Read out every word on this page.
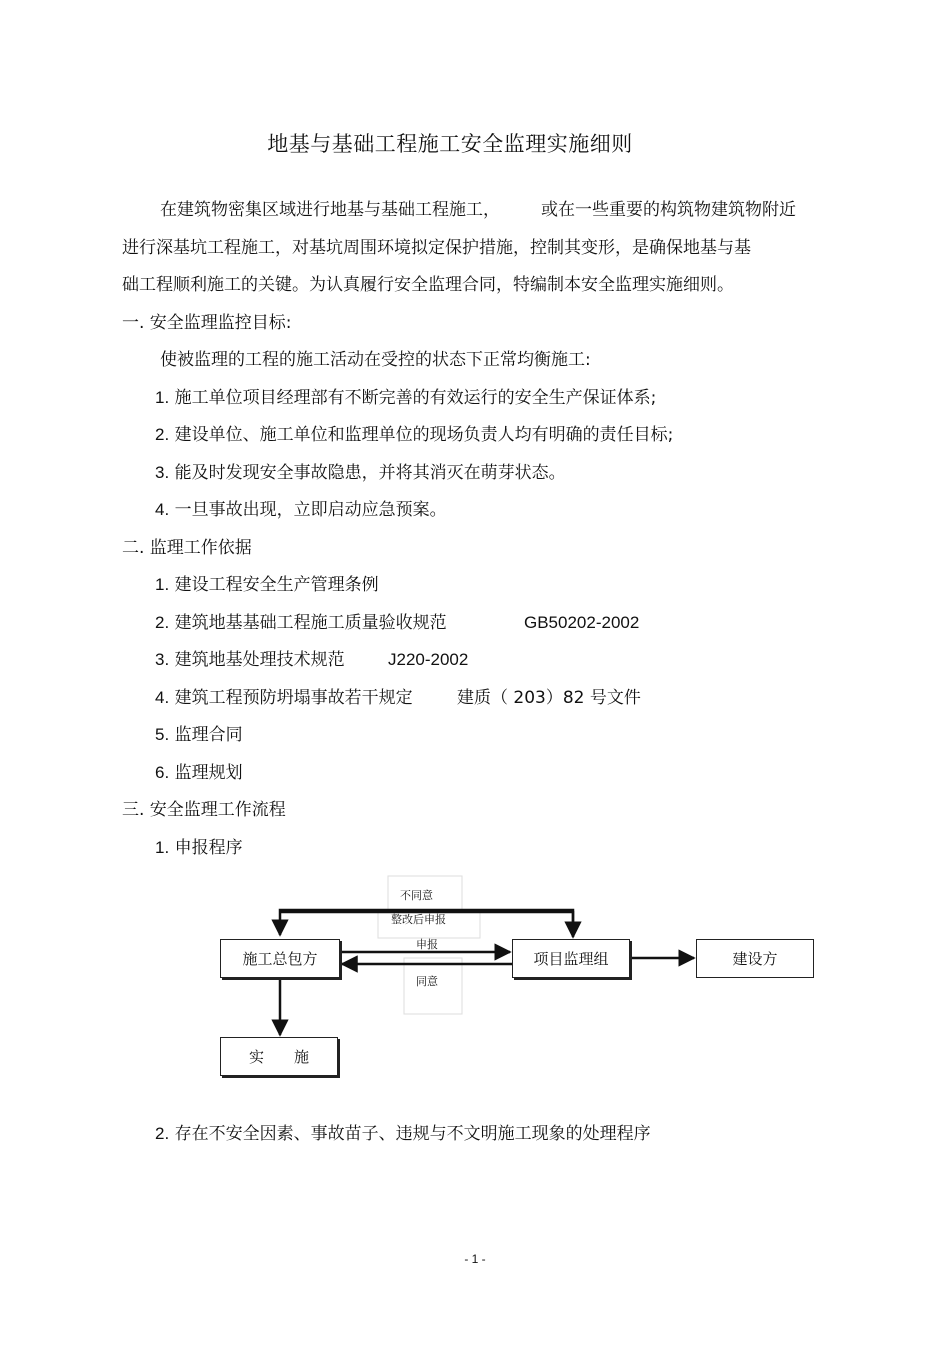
地基与基础工程施工安全监理实施细则
在建筑物密集区域进行地基与基础工程施工， 或在一些重要的构筑物建筑物附近
进行深基坑工程施工，对基坑周围环境拟定保护措施，控制其变形，是确保地基与基
础工程顺利施工的关键。为认真履行安全监理合同，特编制本安全监理实施细则。
一. 安全监理监控目标:
使被监理的工程的施工活动在受控的状态下正常均衡施工:
1. 施工单位项目经理部有不断完善的有效运行的安全生产保证体系;
2. 建设单位、施工单位和监理单位的现场负责人均有明确的责任目标;
3. 能及时发现安全事故隐患，并将其消灭在萌芽状态。
4. 一旦事故出现，立即启动应急预案。
二. 监理工作依据
1. 建设工程安全生产管理条例
2. 建筑地基基础工程施工质量验收规范	GB50202-2002
3. 建筑地基处理技术规范	J220-2002
4. 建筑工程预防坍塌事故若干规定	建质（ 203）82 号文件
5. 监理合同
6. 监理规划
三. 安全监理工作流程
1. 申报程序
施工总包方	项目监理组	建设方
实　　施
不同意
整改后申报
申报
同意
2. 存在不安全因素、事故苗子、违规与不文明施工现象的处理程序
- 1 -
